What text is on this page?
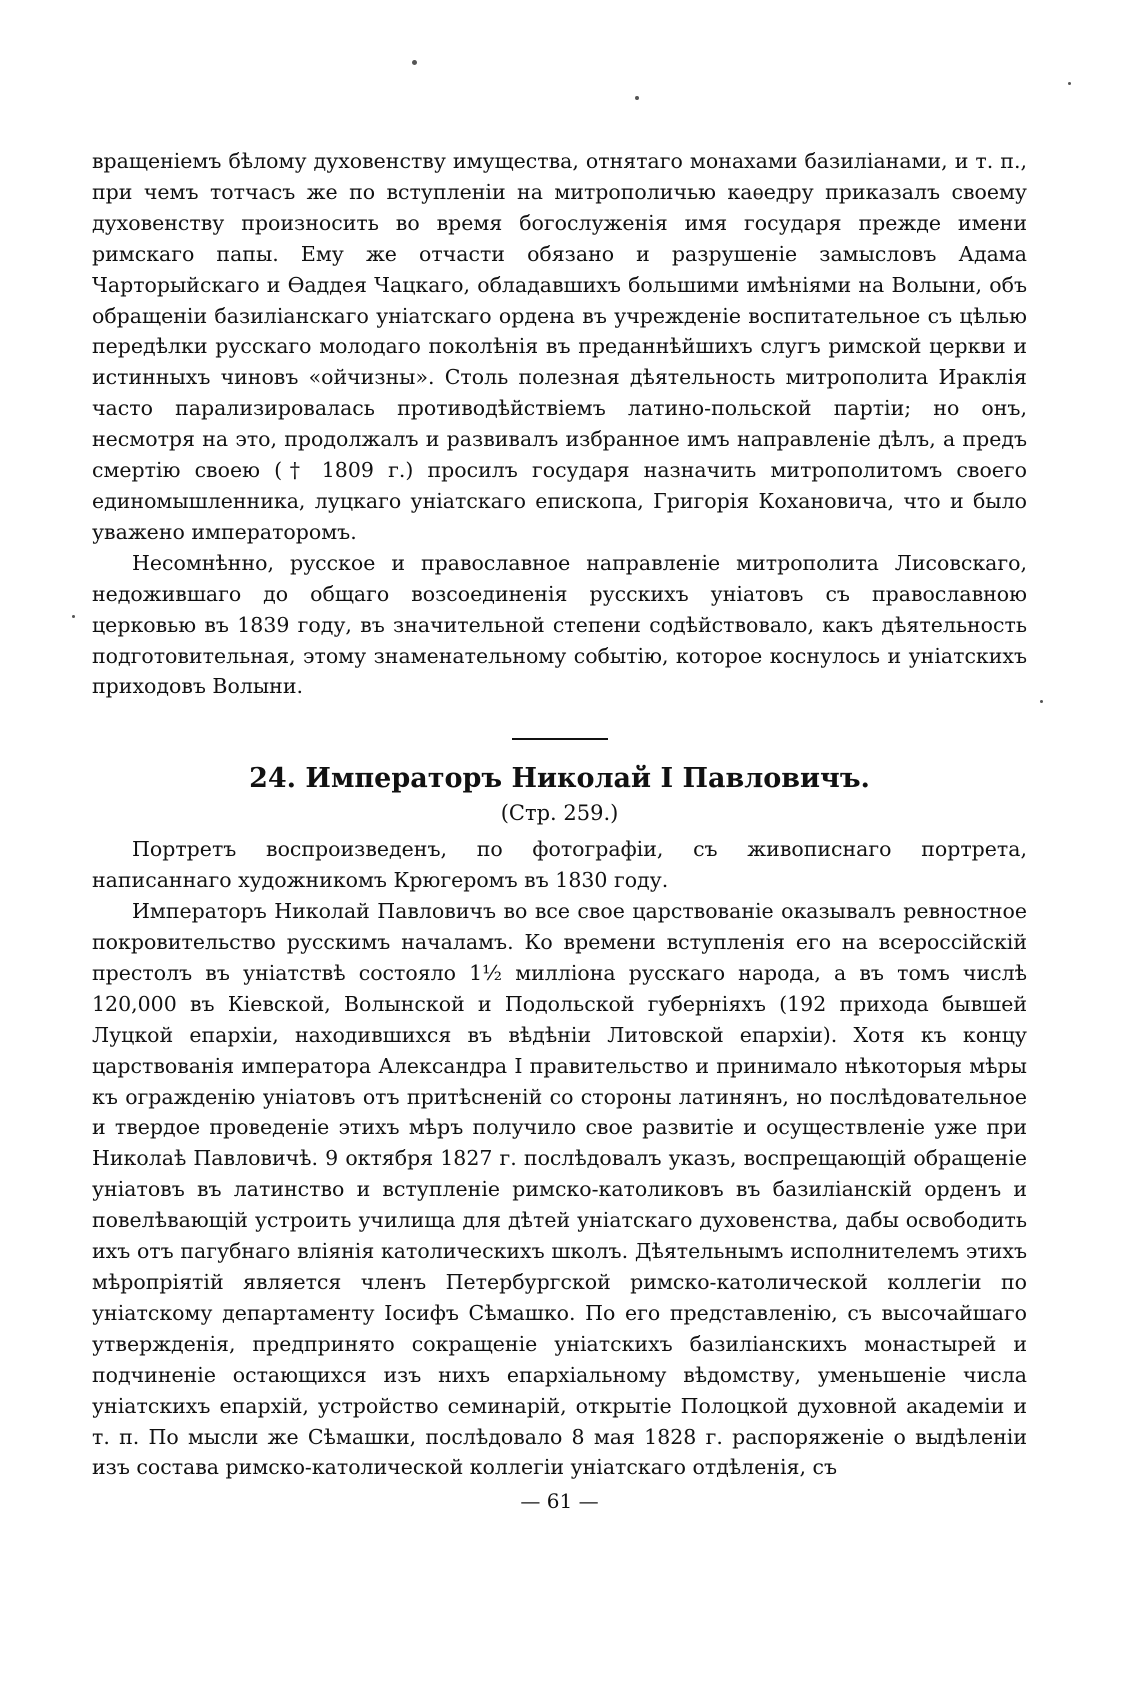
вращеніемъ бѣлому духовенству имущества, отнятаго монахами базиліанами, и т. п., при чемъ тотчасъ же по вступленіи на митрополичью каѳедру приказалъ своему духовенству произносить во время богослуженія имя государя прежде имени римскаго папы. Ему же отчасти обязано и разрушеніе замысловъ Адама Чарторыйскаго и Ѳаддея Чацкаго, обладавшихъ большими имѣніями на Волыни, объ обращеніи базиліанскаго уніатскаго ордена въ учрежденіе воспитательное съ цѣлью передѣлки русскаго молодаго поколѣнія въ преданнѣйшихъ слугъ римской церкви и истинныхъ чиновъ «ойчизны». Столь полезная дѣятельность митрополита Ираклія часто парализировалась противодѣйствіемъ латино-польской партіи; но онъ, несмотря на это, продолжалъ и развивалъ избранное имъ направленіе дѣлъ, а предъ смертію своею († 1809 г.) просилъ государя назначить митрополитомъ своего единомышленника, луцкаго уніатскаго епископа, Григорія Кохановича, что и было уважено императоромъ.

Несомнѣнно, русское и православное направленіе митрополита Лисовскаго, недожившаго до общаго возсоединенія русскихъ уніатовъ съ православною церковью въ 1839 году, въ значительной степени содѣйствовало, какъ дѣятельность подготовительная, этому знаменательному событію, которое коснулось и уніатскихъ приходовъ Волыни.

24. Императоръ Николай I Павловичъ.
(Стр. 259.)

Портретъ воспроизведенъ, по фотографіи, съ живописнаго портрета, написаннаго художникомъ Крюгеромъ въ 1830 году.

Императоръ Николай Павловичъ во все свое царствованіе оказывалъ ревностное покровительство русскимъ началамъ. Ко времени вступленія его на всероссійскій престолъ въ уніатствѣ состояло 1½ милліона русскаго народа, а въ томъ числѣ 120,000 въ Кіевской, Волынской и Подольской губерніяхъ (192 прихода бывшей Луцкой епархіи, находившихся въ вѣдѣніи Литовской епархіи). Хотя къ концу царствованія императора Александра I правительство и принимало нѣкоторыя мѣры къ огражденію уніатовъ отъ притѣсненій со стороны латинянъ, но послѣдовательное и твердое проведеніе этихъ мѣръ получило свое развитіе и осуществленіе уже при Николаѣ Павловичѣ. 9 октября 1827 г. послѣдовалъ указъ, воспрещающій обращеніе уніатовъ въ латинство и вступленіе римско-католиковъ въ базиліанскій орденъ и повелѣвающій устроить училища для дѣтей уніатскаго духовенства, дабы освободить ихъ отъ пагубнаго вліянія католическихъ школъ. Дѣятельнымъ исполнителемъ этихъ мѣропріятій является членъ Петербургской римско-католической коллегіи по уніатскому департаменту Іосифъ Сѣмашко. По его представленію, съ высочайшаго утвержденія, предпринято сокращеніе уніатскихъ базиліанскихъ монастырей и подчиненіе остающихся изъ нихъ епархіальному вѣдомству, уменьшеніе числа уніатскихъ епархій, устройство семинарій, открытіе Полоцкой духовной академіи и т. п. По мысли же Сѣмашки, послѣдовало 8 мая 1828 г. распоряженіе о выдѣленіи изъ состава римско-католической коллегіи уніатскаго отдѣленія, съ

— 61 —
